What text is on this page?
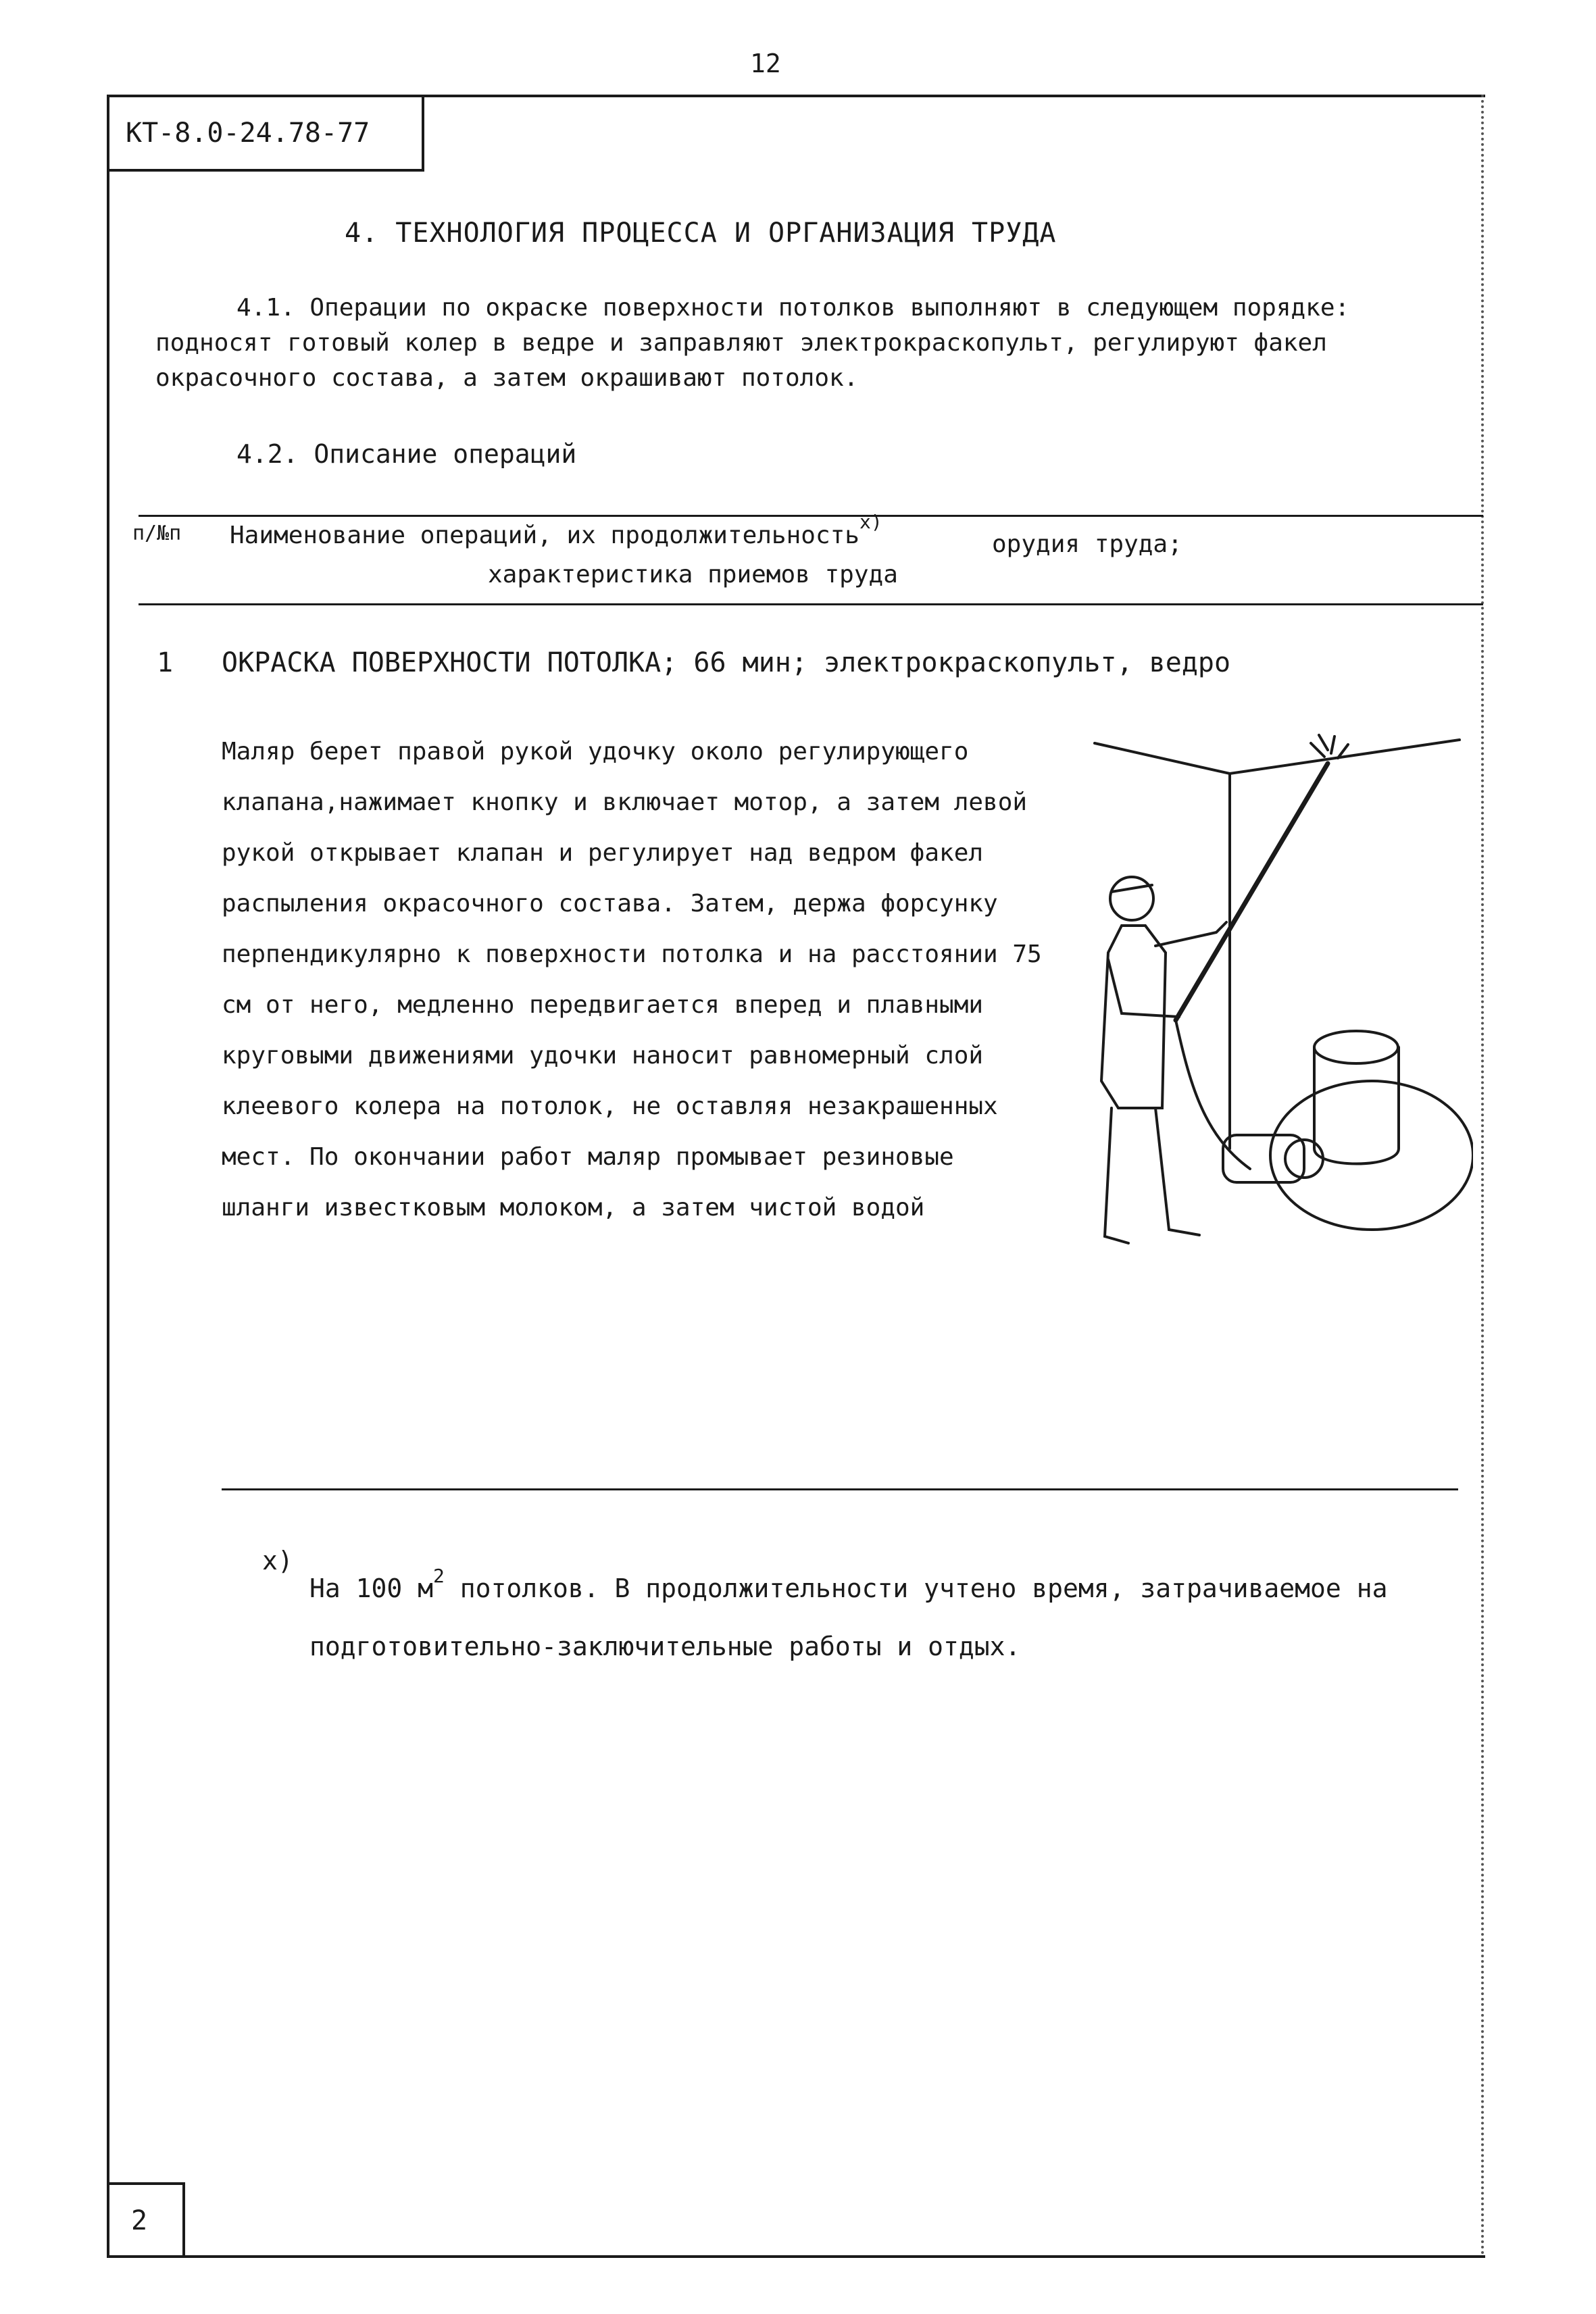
12
КТ-8.0-24.78-77
4. ТЕХНОЛОГИЯ ПРОЦЕССА И ОРГАНИЗАЦИЯ ТРУДА
4.1. Операции по окраске поверхности потолков выполняют в следующем порядке: подносят готовый колер в ведре и заправляют электрокраскопульт, регулируют факел окрасочного состава, а затем окрашивают потолок.
4.2. Описание операций
п/№п	Наименование операций, их продолжительность$^{х)}$
орудия труда;
характеристика приемов труда
1 ОКРАСКА ПОВЕРХНОСТИ ПОТОЛКА; 66 мин; электрокраскопульт, ведро
Маляр берет правой рукой удочку около регулирующего клапана,нажимает кнопку и включает мотор, а затем левой рукой открывает клапан и регулирует над ведром факел распыления окрасочного состава. Затем, держа форсунку перпендикулярно к поверхности потолка и на расстоянии 75 см от него, медленно передвигается вперед и плавными круговыми движениями удочки наносит равномерный слой клеевого колера на потолок, не оставляя незакрашенных мест. По окончании работ маляр промывает резиновые шланги известковым молоком, а затем чистой водой
х)
На 100 $м^2$ потолков. В продолжительности учтено время, затрачиваемое на подготовительно-заключительные работы и отдых.
2
